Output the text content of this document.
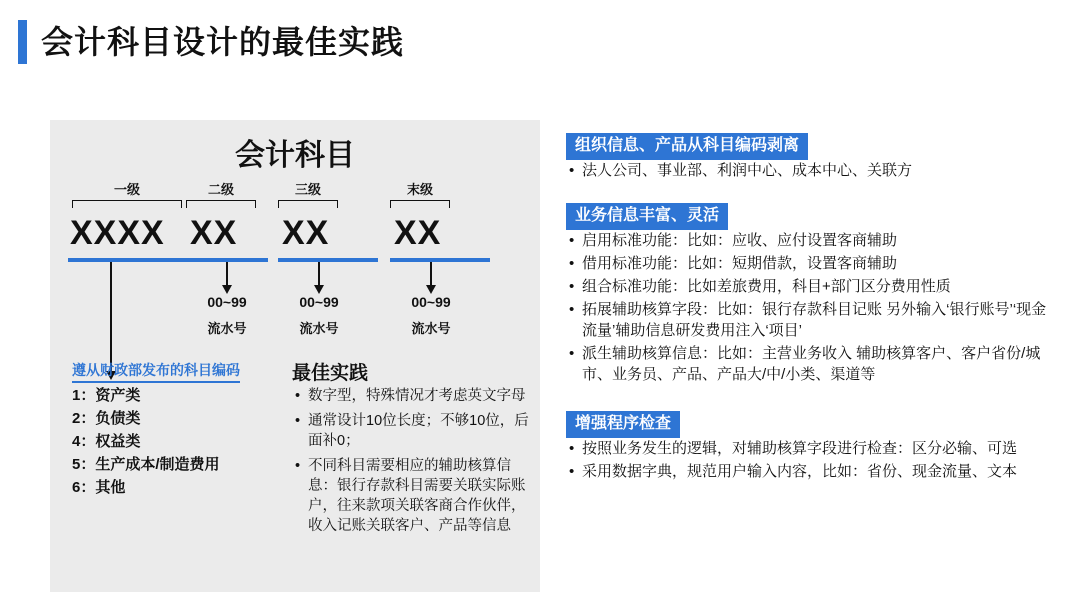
会计科目设计的最佳实践
会计科目
一级	二级	三级	末级
XXXX XX XX XX
00~99
流水号
00~99
流水号
00~99
流水号
遵从财政部发布的科目编码
1：资产类
2：负债类
4：权益类
5：生产成本/制造费用
6：其他
最佳实践
• 数字型，特殊情况才考虑英文字母
• 通常设计10位长度；不够10位，后面补0；
• 不同科目需要相应的辅助核算信息：银行存款科目需要关联实际账户，往来款项关联客商合作伙伴，收入记账关联客户、产品等信息
组织信息、产品从科目编码剥离
• 法人公司、事业部、利润中心、成本中心、关联方
业务信息丰富、灵活
• 启用标准功能：比如：应收、应付设置客商辅助
• 借用标准功能：比如：短期借款，设置客商辅助
• 组合标准功能：比如差旅费用，科目+部门区分费用性质
• 拓展辅助核算字段：比如：银行存款科目记账 另外输入‘银行账号’‘现金流量’辅助信息研发费用注入‘项目’
• 派生辅助核算信息：比如：主营业务收入 辅助核算客户、客户省份/城市、业务员、产品、产品大/中/小类、渠道等
增强程序检查
• 按照业务发生的逻辑，对辅助核算字段进行检查：区分必输、可选
• 采用数据字典，规范用户输入内容，比如：省份、现金流量、文本
